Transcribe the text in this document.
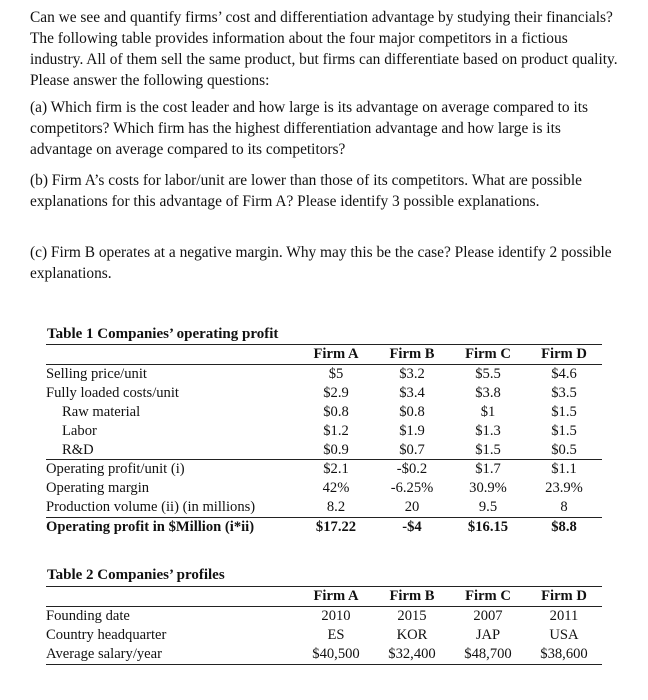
Can we see and quantify firms’ cost and differentiation advantage by studying their financials? The following table provides information about the four major competitors in a fictious industry. All of them sell the same product, but firms can differentiate based on product quality. Please answer the following questions:

(a) Which firm is the cost leader and how large is its advantage on average compared to its competitors? Which firm has the highest differentiation advantage and how large is its advantage on average compared to its competitors?

(b) Firm A’s costs for labor/unit are lower than those of its competitors. What are possible explanations for this advantage of Firm A? Please identify 3 possible explanations.

(c) Firm B operates at a negative margin. Why may this be the case? Please identify 2 possible explanations.

Table 1 Companies’ operating profit

	Firm A	Firm B	Firm C	Firm D
Selling price/unit	$5	$3.2	$5.5	$4.6
Fully loaded costs/unit	$2.9	$3.4	$3.8	$3.5
Raw material	$0.8	$0.8	$1	$1.5
Labor	$1.2	$1.9	$1.3	$1.5
R&D	$0.9	$0.7	$1.5	$0.5
Operating profit/unit (i)	$2.1	-$0.2	$1.7	$1.1
Operating margin	42%	-6.25%	30.9%	23.9%
Production volume (ii) (in millions)	8.2	20	9.5	8
Operating profit in $Million (i*ii)	$17.22	-$4	$16.15	$8.8

Table 2 Companies’ profiles

	Firm A	Firm B	Firm C	Firm D
Founding date	2010	2015	2007	2011
Country headquarter	ES	KOR	JAP	USA
Average salary/year	$40,500	$32,400	$48,700	$38,600
